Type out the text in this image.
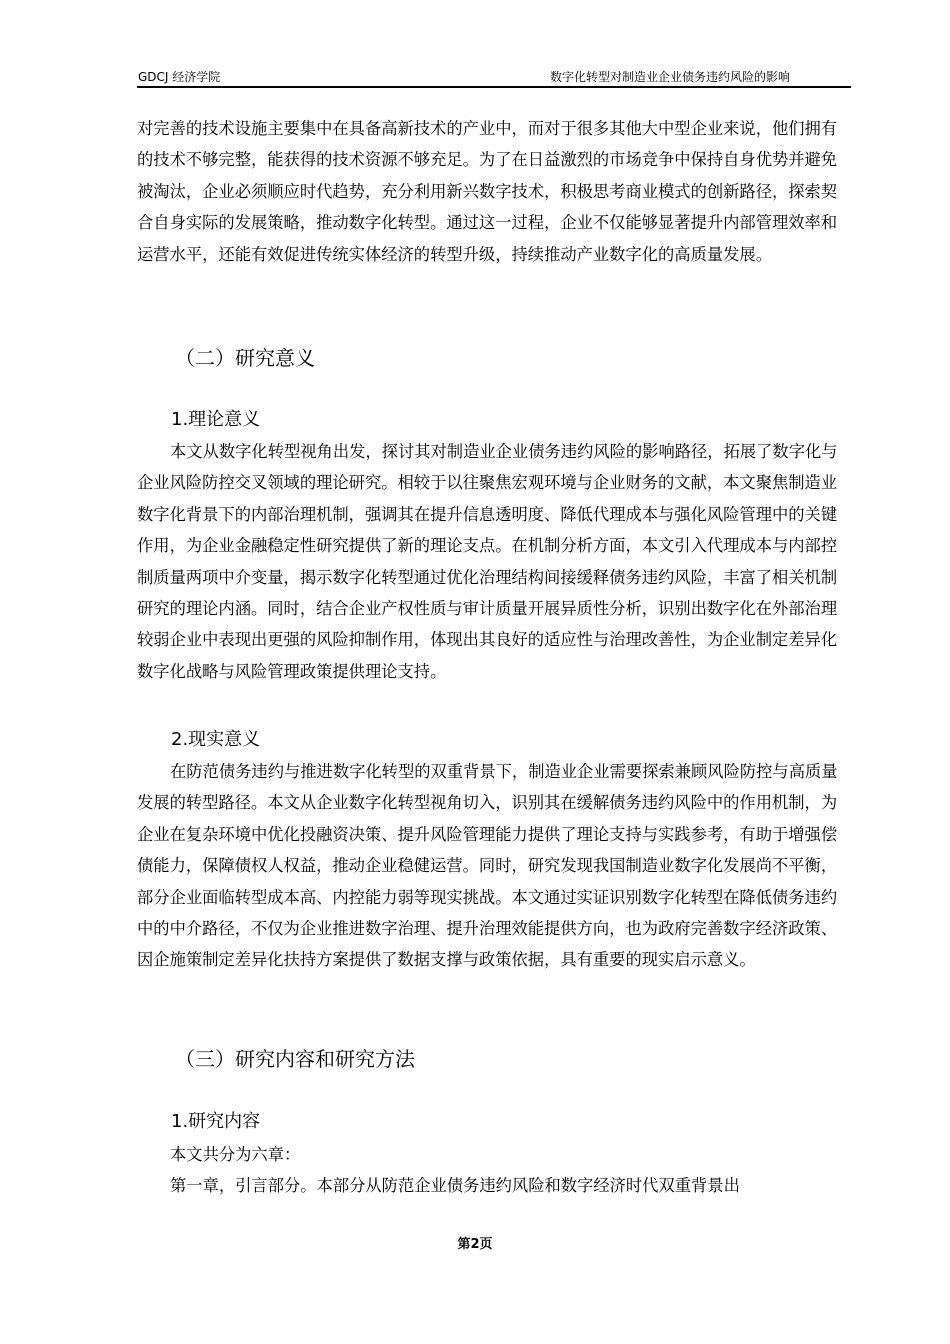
GDCJ 经济学院	数字化转型对制造业企业债务违约风险的影响

对完善的技术设施主要集中在具备高新技术的产业中，而对于很多其他大中型企业来说，他们拥有的技术不够完整，能获得的技术资源不够充足。为了在日益激烈的市场竞争中保持自身优势并避免被淘汰，企业必须顺应时代趋势，充分利用新兴数字技术，积极思考商业模式的创新路径，探索契合自身实际的发展策略，推动数字化转型。通过这一过程，企业不仅能够显著提升内部管理效率和运营水平，还能有效促进传统实体经济的转型升级，持续推动产业数字化的高质量发展。

（二）研究意义
1.理论意义

本文从数字化转型视角出发，探讨其对制造业企业债务违约风险的影响路径，拓展了数字化与企业风险防控交叉领域的理论研究。相较于以往聚焦宏观环境与企业财务的文献，本文聚焦制造业数字化背景下的内部治理机制，强调其在提升信息透明度、降低代理成本与强化风险管理中的关键作用，为企业金融稳定性研究提供了新的理论支点。在机制分析方面，本文引入代理成本与内部控制质量两项中介变量，揭示数字化转型通过优化治理结构间接缓释债务违约风险，丰富了相关机制研究的理论内涵。同时，结合企业产权性质与审计质量开展异质性分析，识别出数字化在外部治理较弱企业中表现出更强的风险抑制作用，体现出其良好的适应性与治理改善性，为企业制定差异化数字化战略与风险管理政策提供理论支持。

2.现实意义

在防范债务违约与推进数字化转型的双重背景下，制造业企业需要探索兼顾风险防控与高质量发展的转型路径。本文从企业数字化转型视角切入，识别其在缓解债务违约风险中的作用机制，为企业在复杂环境中优化投融资决策、提升风险管理能力提供了理论支持与实践参考，有助于增强偿债能力，保障债权人权益，推动企业稳健运营。同时，研究发现我国制造业数字化发展尚不平衡，部分企业面临转型成本高、内控能力弱等现实挑战。本文通过实证识别数字化转型在降低债务违约中的中介路径，不仅为企业推进数字治理、提升治理效能提供方向，也为政府完善数字经济政策、因企施策制定差异化扶持方案提供了数据支撑与政策依据，具有重要的现实启示意义。

（三）研究内容和研究方法
1.研究内容

本文共分为六章：

第一章，引言部分。本部分从防范企业债务违约风险和数字经济时代双重背景出

第2页
